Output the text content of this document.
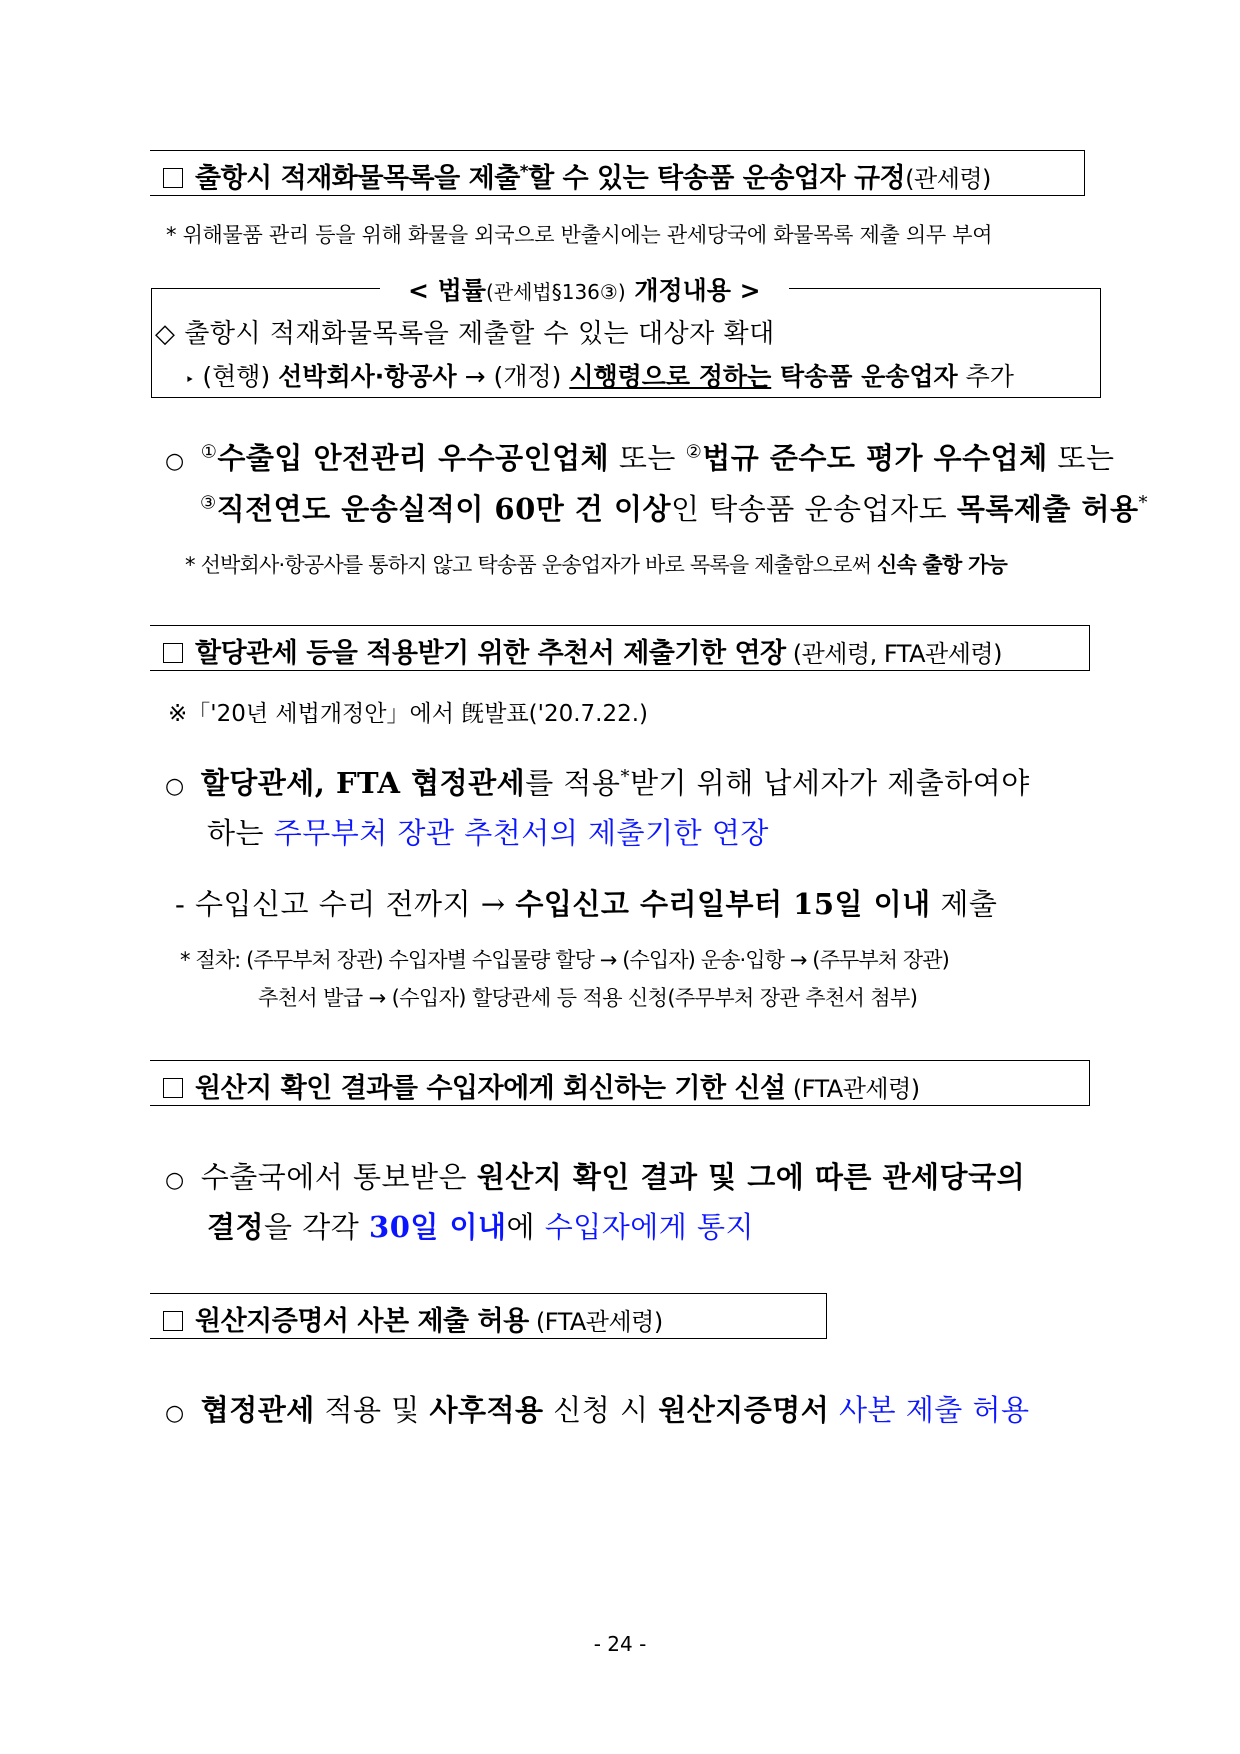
출항시 적재화물목록을 제출*할 수 있는 탁송품 운송업자 규정(관세령)
* 위해물품 관리 등을 위해 화물을 외국으로 반출시에는 관세당국에 화물목록 제출 의무 부여
< 법률(관세법§136③) 개정내용 >
◇ 출항시 적재화물목록을 제출할 수 있는 대상자 확대
‣ (현행) 선박회사·항공사 → (개정) 시행령으로 정하는 탁송품 운송업자 추가
○ ①수출입 안전관리 우수공인업체 또는 ②법규 준수도 평가 우수업체 또는
③직전연도 운송실적이 60만 건 이상인 탁송품 운송업자도 목록제출 허용*
* 선박회사·항공사를 통하지 않고 탁송품 운송업자가 바로 목록을 제출함으로써 신속 출항 가능
할당관세 등을 적용받기 위한 추천서 제출기한 연장 (관세령, FTA관세령)
※「'20년 세법개정안」에서 旣발표('20.7.22.)
○ 할당관세, FTA 협정관세를 적용*받기 위해 납세자가 제출하여야
하는 주무부처 장관 추천서의 제출기한 연장
- 수입신고 수리 전까지 → 수입신고 수리일부터 15일 이내 제출
* 절차: (주무부처 장관) 수입자별 수입물량 할당 → (수입자) 운송·입항 → (주무부처 장관)
추천서 발급 → (수입자) 할당관세 등 적용 신청(주무부처 장관 추천서 첨부)
원산지 확인 결과를 수입자에게 회신하는 기한 신설 (FTA관세령)
○ 수출국에서 통보받은 원산지 확인 결과 및 그에 따른 관세당국의
결정을 각각 30일 이내에 수입자에게 통지
원산지증명서 사본 제출 허용 (FTA관세령)
○ 협정관세 적용 및 사후적용 신청 시 원산지증명서 사본 제출 허용
- 24 -
